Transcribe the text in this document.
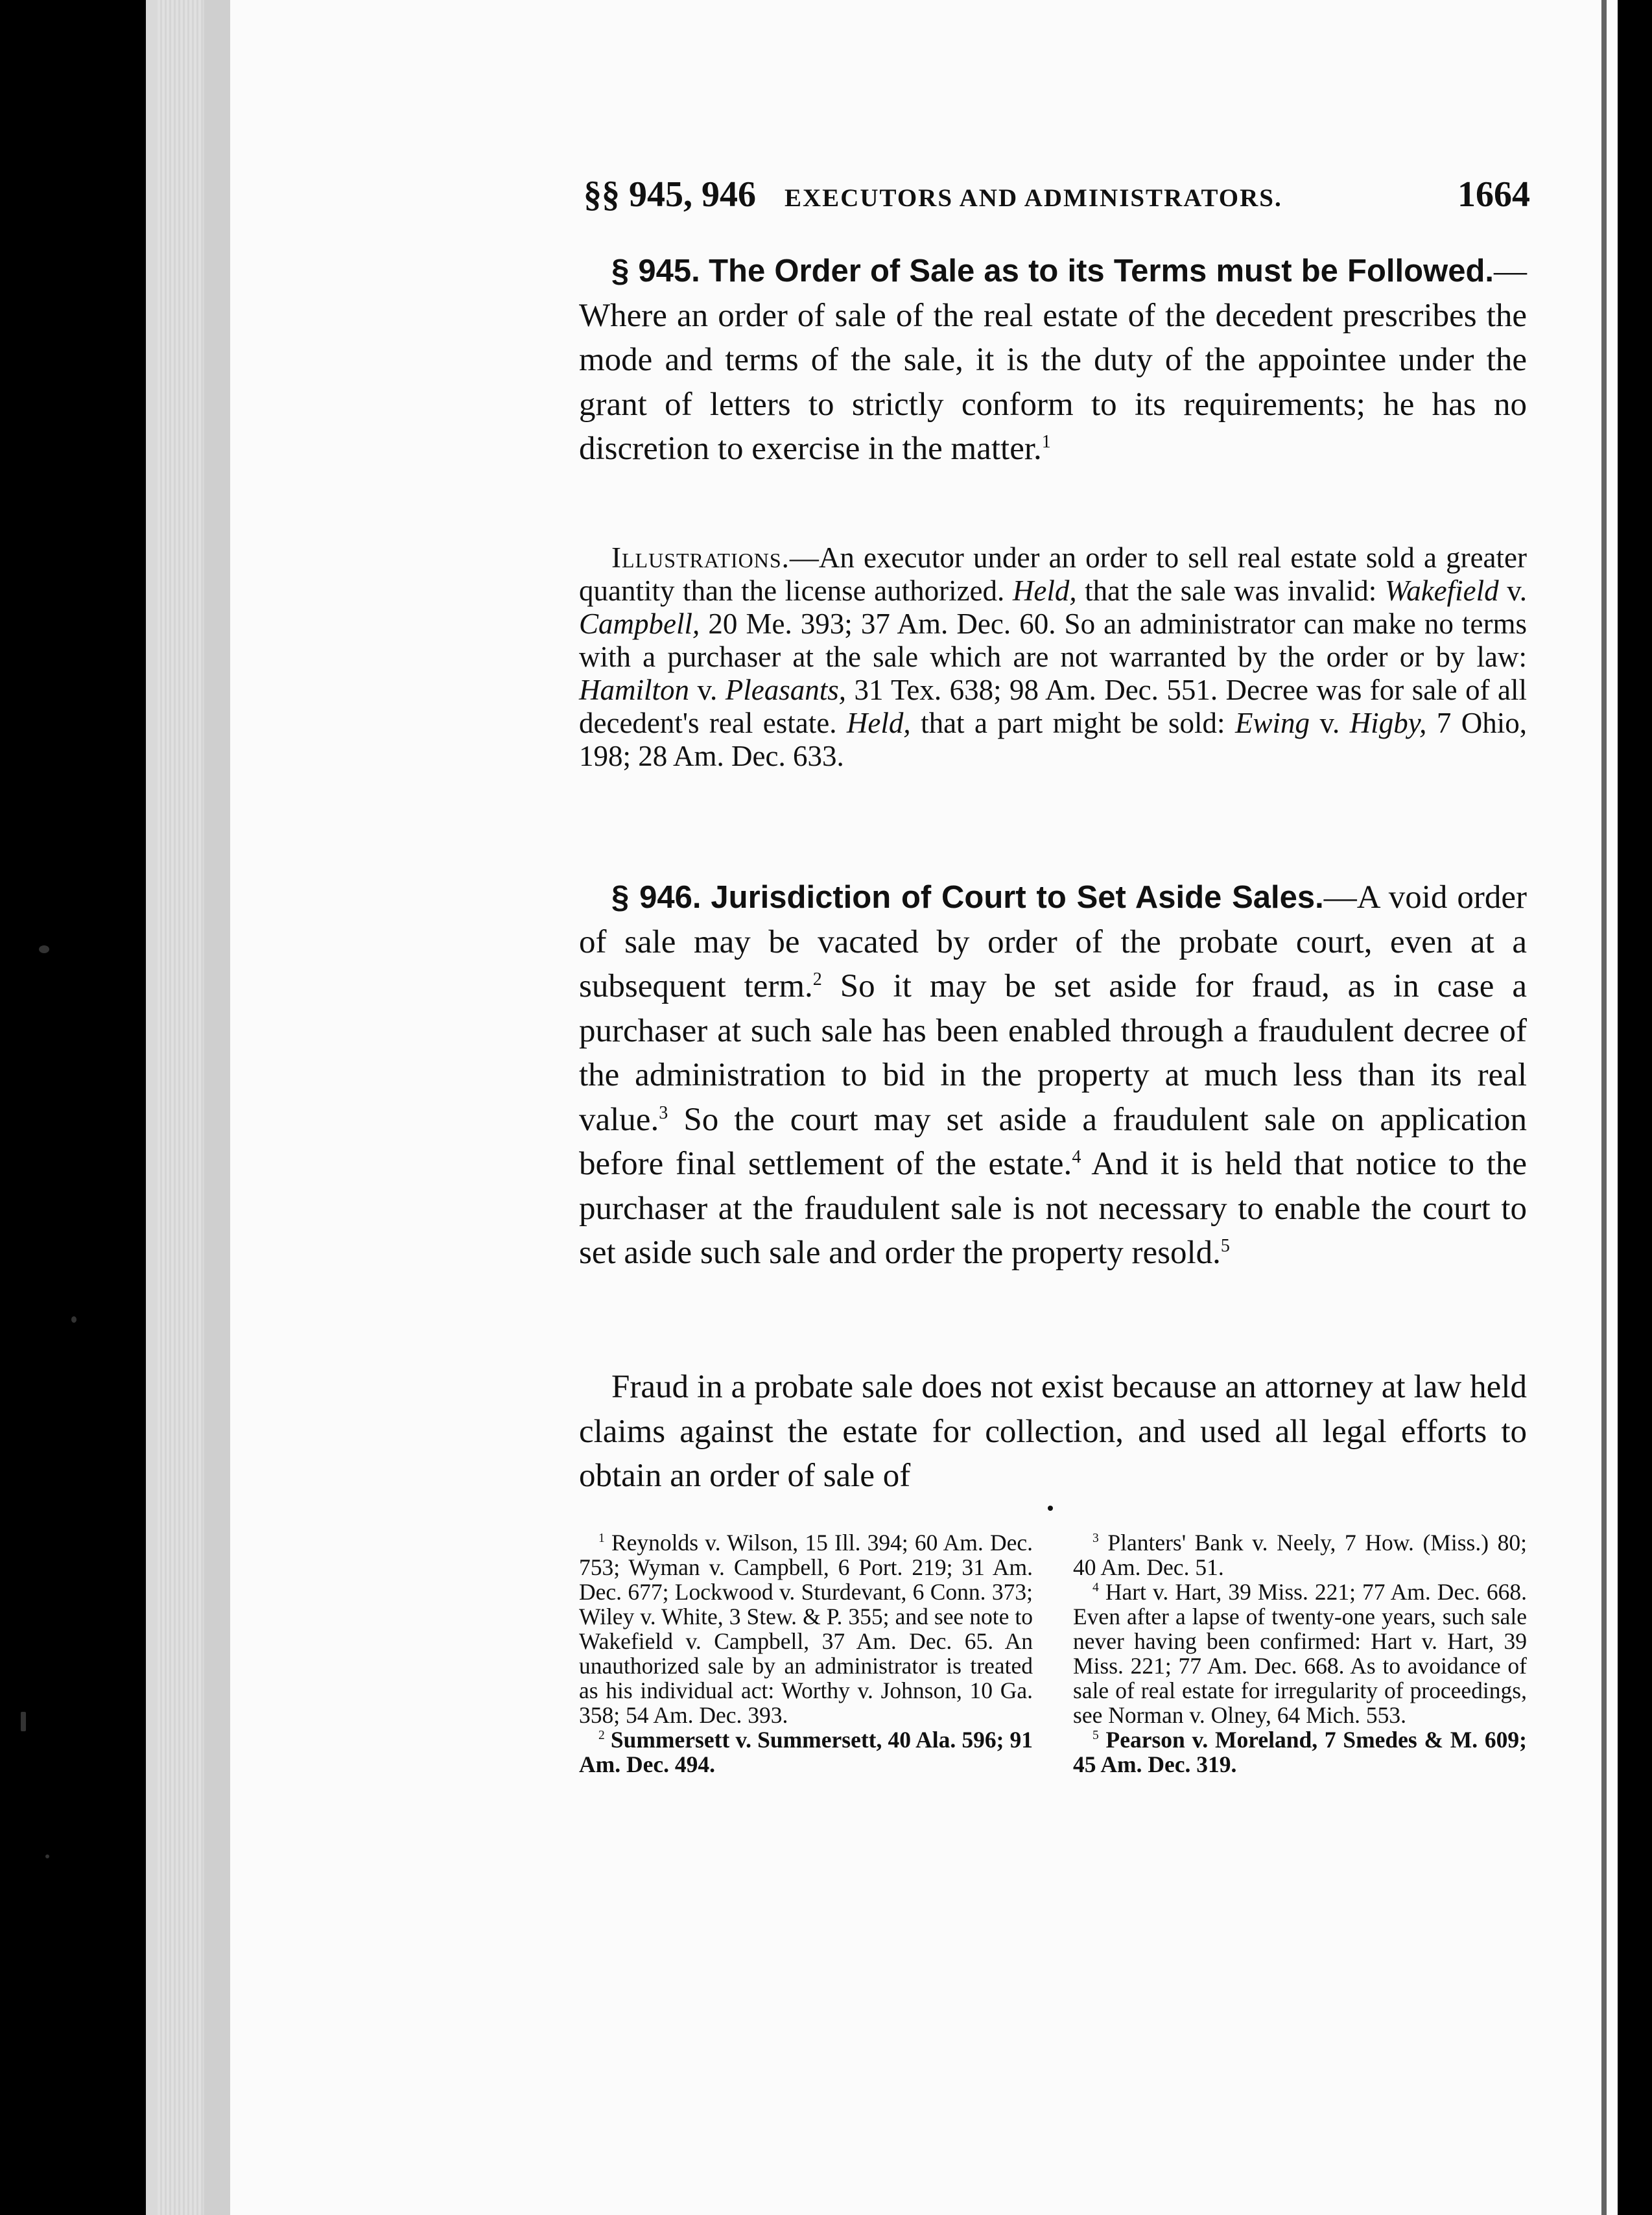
§§ 945, 946 EXECUTORS AND ADMINISTRATORS.	1664
§ 945. The Order of Sale as to its Terms must be Followed.— Where an order of sale of the real estate of the decedent prescribes the mode and terms of the sale, it is the duty of the appointee under the grant of letters to strictly conform to its requirements; he has no discretion to exercise in the matter.$^1$
Illustrations.—An executor under an order to sell real estate sold a greater quantity than the license authorized. Held, that the sale was invalid: Wakefield v. Campbell, 20 Me. 393; 37 Am. Dec. 60. So an administrator can make no terms with a purchaser at the sale which are not warranted by the order or by law: Hamilton v. Pleasants, 31 Tex. 638; 98 Am. Dec. 551. Decree was for sale of all decedent's real estate. Held, that a part might be sold: Ewing v. Higby, 7 Ohio, 198; 28 Am. Dec. 633.
§ 946. Jurisdiction of Court to Set Aside Sales.—A void order of sale may be vacated by order of the probate court, even at a subsequent term.$^2$ So it may be set aside for fraud, as in case a purchaser at such sale has been enabled through a fraudulent decree of the administration to bid in the property at much less than its real value.$^3$ So the court may set aside a fraudulent sale on application before final settlement of the estate.$^4$ And it is held that notice to the purchaser at the fraudulent sale is not necessary to enable the court to set aside such sale and order the property resold.$^5$
Fraud in a probate sale does not exist because an attorney at law held claims against the estate for collection, and used all legal efforts to obtain an order of sale of

$^1$ Reynolds v. Wilson, 15 Ill. 394; 60 Am. Dec. 753; Wyman v. Campbell, 6 Port. 219; 31 Am. Dec. 677; Lockwood v. Sturdevant, 6 Conn. 373; Wiley v. White, 3 Stew. & P. 355; and see note to Wakefield v. Campbell, 37 Am. Dec. 65. An unauthorized sale by an administrator is treated as his individual act: Worthy v. Johnson, 10 Ga. 358; 54 Am. Dec. 393.

$^2$ Summersett v. Summersett, 40 Ala. 596; 91 Am. Dec. 494.

$^3$ Planters' Bank v. Neely, 7 How. (Miss.) 80; 40 Am. Dec. 51.

$^4$ Hart v. Hart, 39 Miss. 221; 77 Am. Dec. 668. Even after a lapse of twenty-one years, such sale never having been confirmed: Hart v. Hart, 39 Miss. 221; 77 Am. Dec. 668. As to avoidance of sale of real estate for irregularity of proceedings, see Norman v. Olney, 64 Mich. 553.

$^5$ Pearson v. Moreland, 7 Smedes & M. 609; 45 Am. Dec. 319.
